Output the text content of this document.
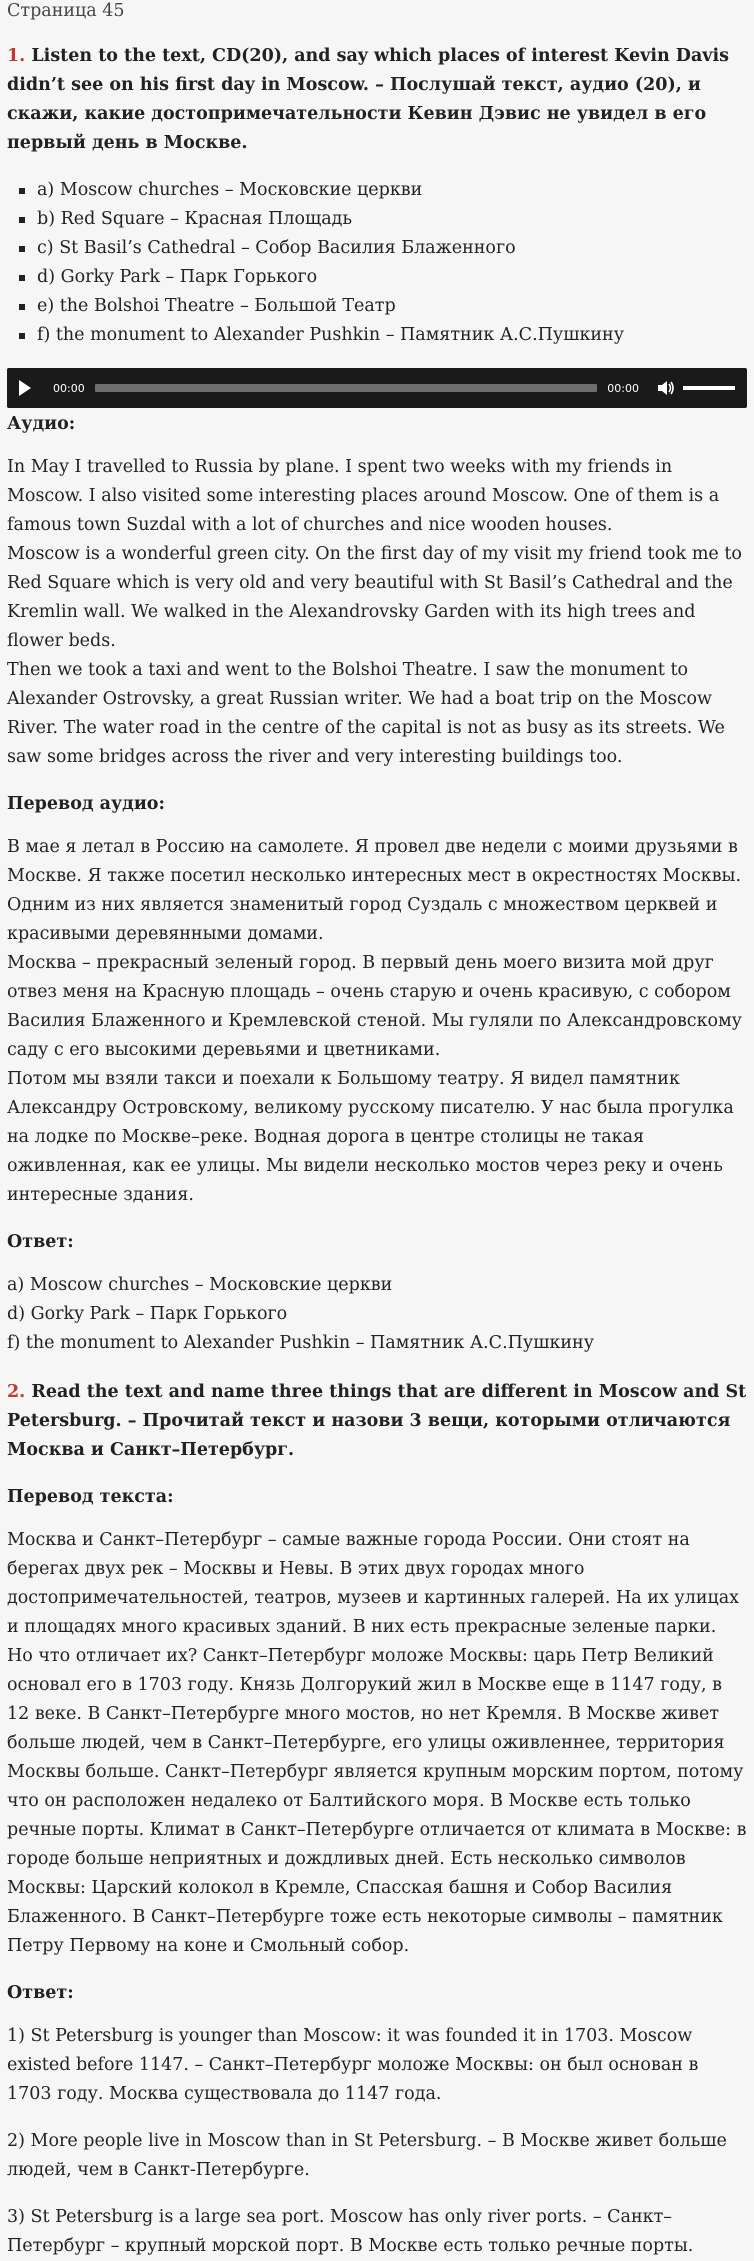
Страница 45
1. Listen to the text, CD(20), and say which places of interest Kevin Davis didn’t see on his first day in Moscow. – Послушай текст, аудио (20), и скажи, какие достопримечательности Кевин Дэвис не увидел в его первый день в Москве.
a) Moscow churches – Московские церкви
b) Red Square – Красная Площадь
c) St Basil’s Cathedral – Собор Василия Блаженного
d) Gorky Park – Парк Горького
e) the Bolshoi Theatre – Большой Театр
f) the monument to Alexander Pushkin – Памятник А.С.Пушкину
00:00	00:00
Аудио:

In May I travelled to Russia by plane. I spent two weeks with my friends in Moscow. I also visited some interesting places around Moscow. One of them is a famous town Suzdal with a lot of churches and nice wooden houses.
Moscow is a wonderful green city. On the first day of my visit my friend took me to Red Square which is very old and very beautiful with St Basil’s Cathedral and the Kremlin wall. We walked in the Alexandrovsky Garden with its high trees and flower beds.
Then we took a taxi and went to the Bolshoi Theatre. I saw the monument to Alexander Ostrovsky, a great Russian writer. We had a boat trip on the Moscow River. The water road in the centre of the capital is not as busy as its streets. We saw some bridges across the river and very interesting buildings too.

Перевод аудио:

В мае я летал в Россию на самолете. Я провел две недели с моими друзьями в Москве. Я также посетил несколько интересных мест в окрестностях Москвы. Одним из них является знаменитый город Суздаль с множеством церквей и красивыми деревянными домами.
Москва – прекрасный зеленый город. В первый день моего визита мой друг отвез меня на Красную площадь – очень старую и очень красивую, с собором Василия Блаженного и Кремлевской стеной. Мы гуляли по Александровскому саду с его высокими деревьями и цветниками.
Потом мы взяли такси и поехали к Большому театру. Я видел памятник Александру Островскому, великому русскому писателю. У нас была прогулка на лодке по Москве–реке. Водная дорога в центре столицы не такая оживленная, как ее улицы. Мы видели несколько мостов через реку и очень интересные здания.

Ответ:

a) Moscow churches – Московские церкви

d) Gorky Park – Парк Горького

f) the monument to Alexander Pushkin – Памятник А.С.Пушкину

2. Read the text and name three things that are different in Moscow and St Petersburg. – Прочитай текст и назови 3 вещи, которыми отличаются Москва и Санкт–Петербург.
Перевод текста:

Москва и Санкт–Петербург – самые важные города России. Они стоят на берегах двух рек – Москвы и Невы. В этих двух городах много достопримечательностей, театров, музеев и картинных галерей. На их улицах и площадях много красивых зданий. В них есть прекрасные зеленые парки.
Но что отличает их? Санкт–Петербург моложе Москвы: царь Петр Великий основал его в 1703 году. Князь Долгорукий жил в Москве еще в 1147 году, в 12 веке. В Санкт–Петербурге много мостов, но нет Кремля. В Москве живет больше людей, чем в Санкт–Петербурге, его улицы оживленнее, территория Москвы больше. Санкт–Петербург является крупным морским портом, потому что он расположен недалеко от Балтийского моря. В Москве есть только речные порты. Климат в Санкт–Петербурге отличается от климата в Москве: в городе больше неприятных и дождливых дней. Есть несколько символов Москвы: Царский колокол в Кремле, Спасская башня и Собор Василия Блаженного. В Санкт–Петербурге тоже есть некоторые символы – памятник Петру Первому на коне и Смольный собор.

Ответ:

1) St Petersburg is younger than Moscow: it was founded it in 1703. Moscow existed before 1147. – Санкт–Петербург моложе Москвы: он был основан в 1703 году. Москва существовала до 1147 года.

2) More people live in Moscow than in St Petersburg. – В Москве живет больше людей, чем в Санкт-Петербурге.

3) St Petersburg is a large sea port. Moscow has only river ports. – Санкт–Петербург – крупный морской порт. В Москве есть только речные порты.
